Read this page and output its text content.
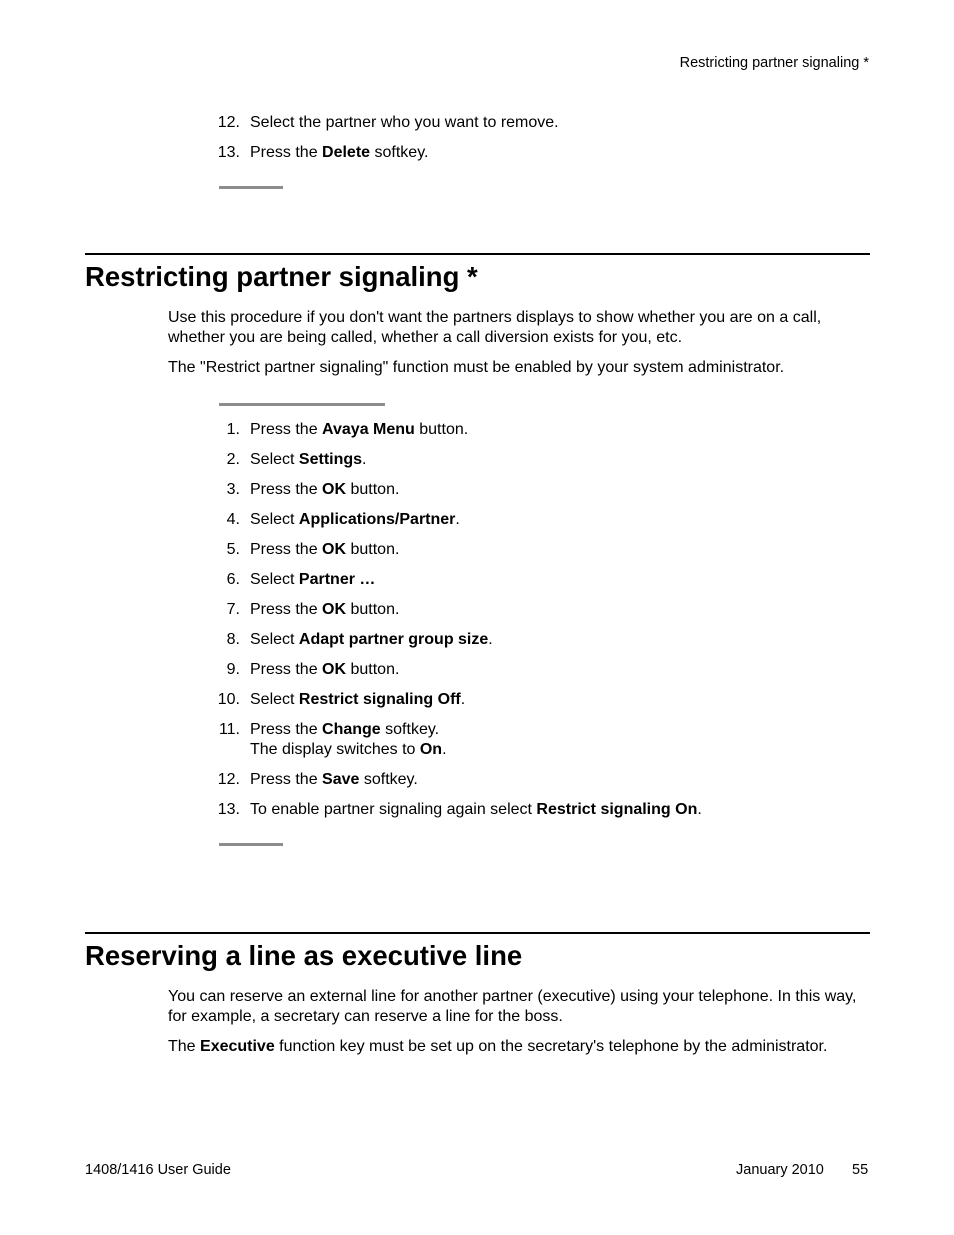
Restricting partner signaling *
12. Select the partner who you want to remove.
13. Press the Delete softkey.
Restricting partner signaling *
Use this procedure if you don't want the partners displays to show whether you are on a call, whether you are being called, whether a call diversion exists for you, etc.
The "Restrict partner signaling" function must be enabled by your system administrator.
1. Press the Avaya Menu button.
2. Select Settings.
3. Press the OK button.
4. Select Applications/Partner.
5. Press the OK button.
6. Select Partner …
7. Press the OK button.
8. Select Adapt partner group size.
9. Press the OK button.
10. Select Restrict signaling Off.
11. Press the Change softkey.
The display switches to On.
12. Press the Save softkey.
13. To enable partner signaling again select Restrict signaling On.
Reserving a line as executive line
You can reserve an external line for another partner (executive) using your telephone. In this way, for example, a secretary can reserve a line for the boss.
The Executive function key must be set up on the secretary's telephone by the administrator.
1408/1416 User Guide	January 2010 55
